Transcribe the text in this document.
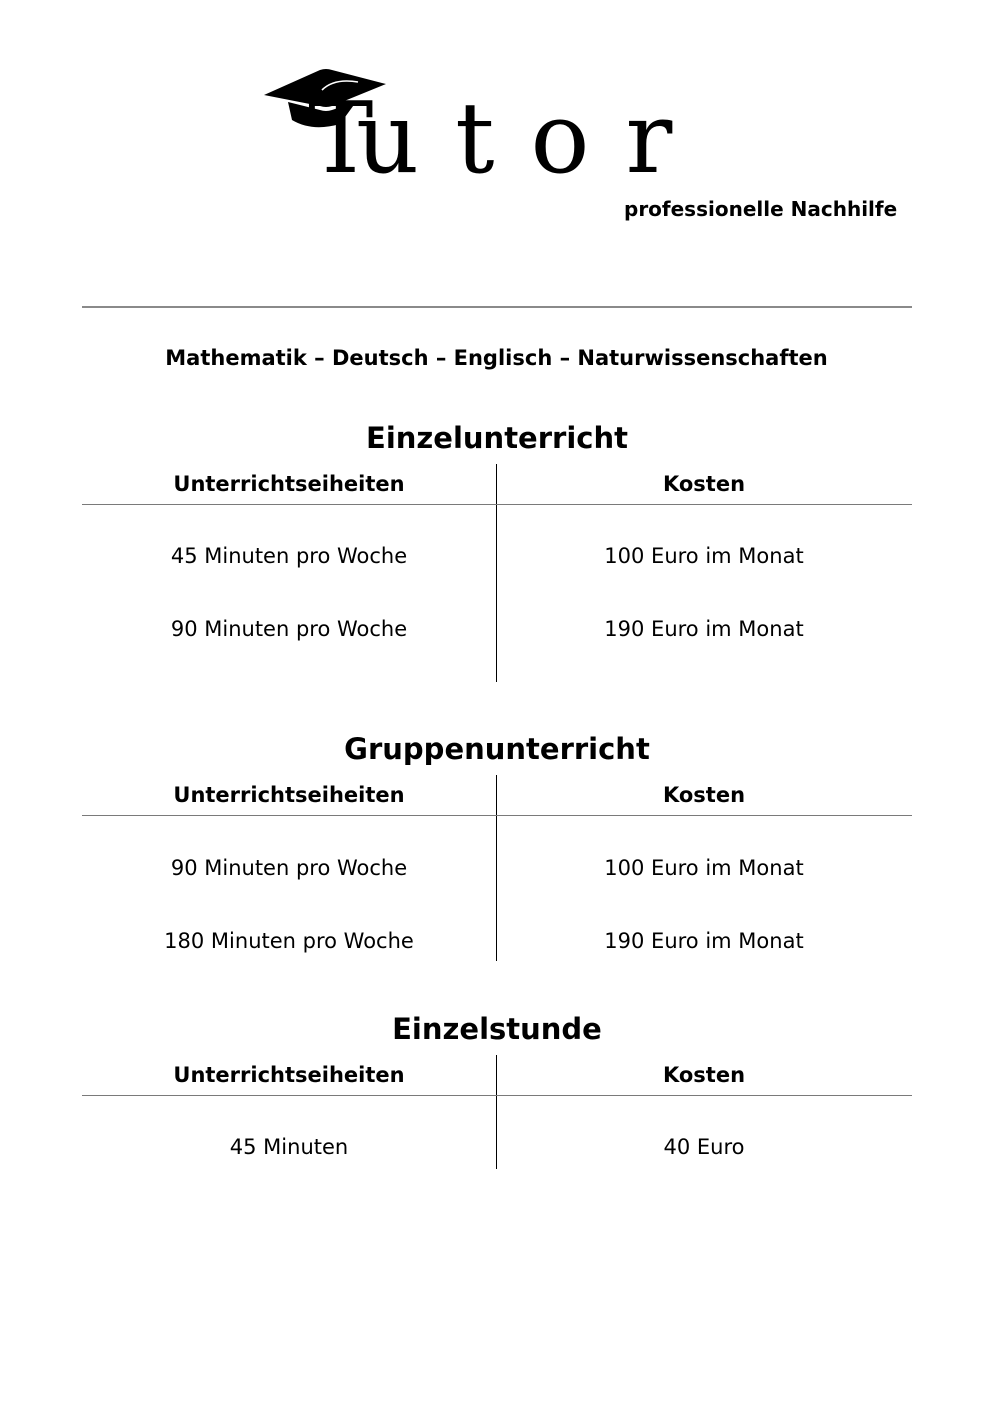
Tutor
professionelle Nachhilfe
Mathematik – Deutsch – Englisch – Naturwissenschaften
Einzelunterricht
Unterrichtseiheiten	Kosten
45 Minuten pro Woche	100 Euro im Monat
90 Minuten pro Woche	190 Euro im Monat
Gruppenunterricht
Unterrichtseiheiten	Kosten
90 Minuten pro Woche	100 Euro im Monat
180 Minuten pro Woche	190 Euro im Monat
Einzelstunde
Unterrichtseiheiten	Kosten
45 Minuten	40 Euro
